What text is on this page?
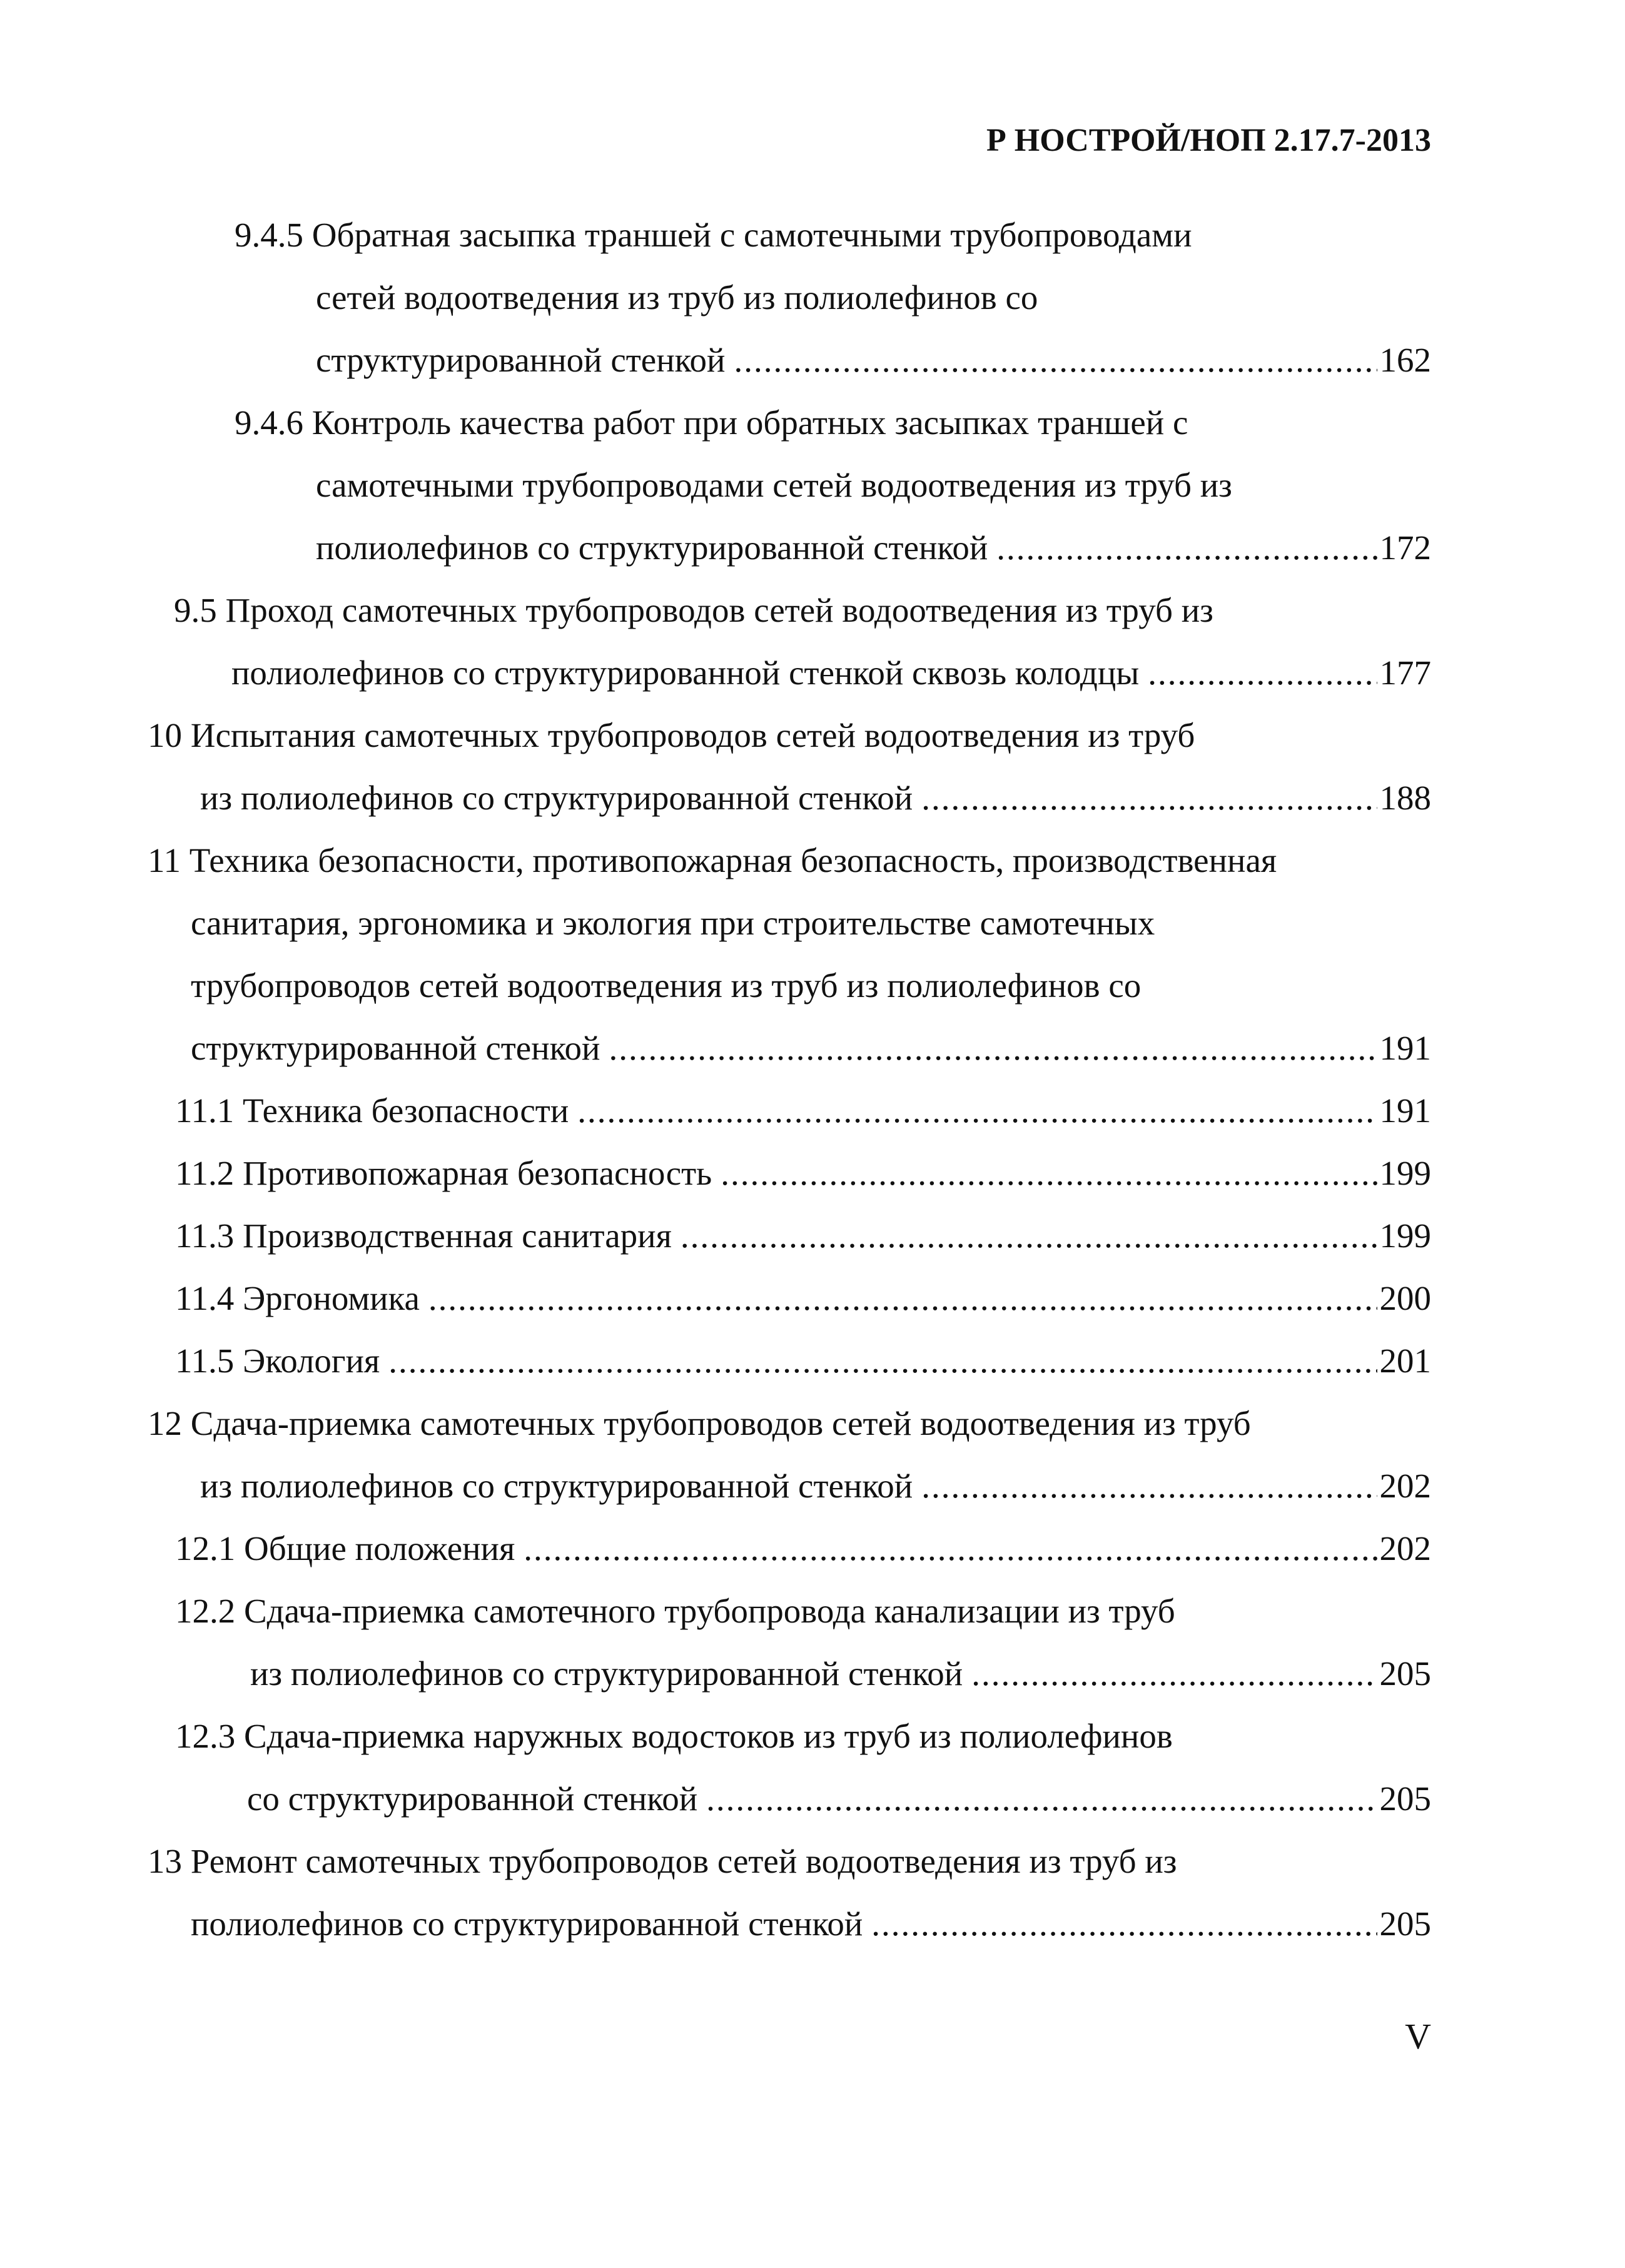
Р НОСТРОЙ/НОП 2.17.7-2013
9.4.5
Обратная засыпка траншей с самотечными трубопроводами
сетей водоотведения из труб из полиолефинов со
структурированной стенкой .....	162
9.4.6
Контроль качества работ при обратных засыпках траншей с
самотечными трубопроводами сетей водоотведения из труб из
полиолефинов со структурированной стенкой .....	172
9.5
Проход самотечных трубопроводов сетей водоотведения из труб из
полиолефинов со структурированной стенкой сквозь колодцы .....	177
10
Испытания самотечных трубопроводов сетей водоотведения из труб
из полиолефинов со структурированной стенкой .....	188
11
Техника безопасности, противопожарная безопасность, производственная
санитария, эргономика и экология при строительстве самотечных
трубопроводов сетей водоотведения из труб из полиолефинов со
структурированной стенкой .....	191
11.1
Техника безопасности .....	191
11.2
Противопожарная безопасность .....	199
11.3
Производственная санитария .....	199
11.4
Эргономика .....	200
11.5
Экология .....	201
12
Сдача-приемка самотечных трубопроводов сетей водоотведения из труб
из полиолефинов со структурированной стенкой .....	202
12.1
Общие положения .....	202
12.2
Сдача-приемка самотечного трубопровода канализации из труб
из полиолефинов со структурированной стенкой .....	205
12.3
Сдача-приемка наружных водостоков из труб из полиолефинов
со структурированной стенкой .....	205
13
Ремонт самотечных трубопроводов сетей водоотведения из труб из
полиолефинов со структурированной стенкой .....	205
V
